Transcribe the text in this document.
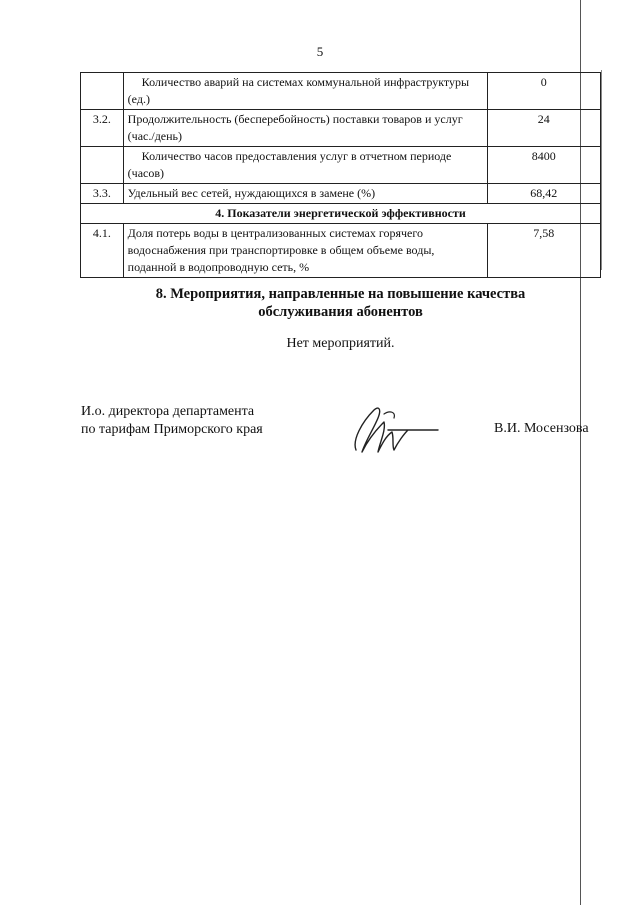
5
	Количество аварий на системах коммунальной инфраструктуры (ед.)	0
3.2.	Продолжительность (бесперебойность) поставки товаров и услуг (час./день)	24
	Количество часов предоставления услуг в отчетном периоде (часов)	8400
3.3.	Удельный вес сетей, нуждающихся в замене (%)	68,42
4. Показатели энергетической эффективности		
4.1.	Доля потерь воды в централизованных системах горячего водоснабжения при транспортировке в общем объеме воды, поданной в водопроводную сеть, %	7,58
8. Мероприятия, направленные на повышение качества
обслуживания абонентов
Нет мероприятий.
И.о. директора департамента
по тарифам Приморского края	В.И. Мосензова
